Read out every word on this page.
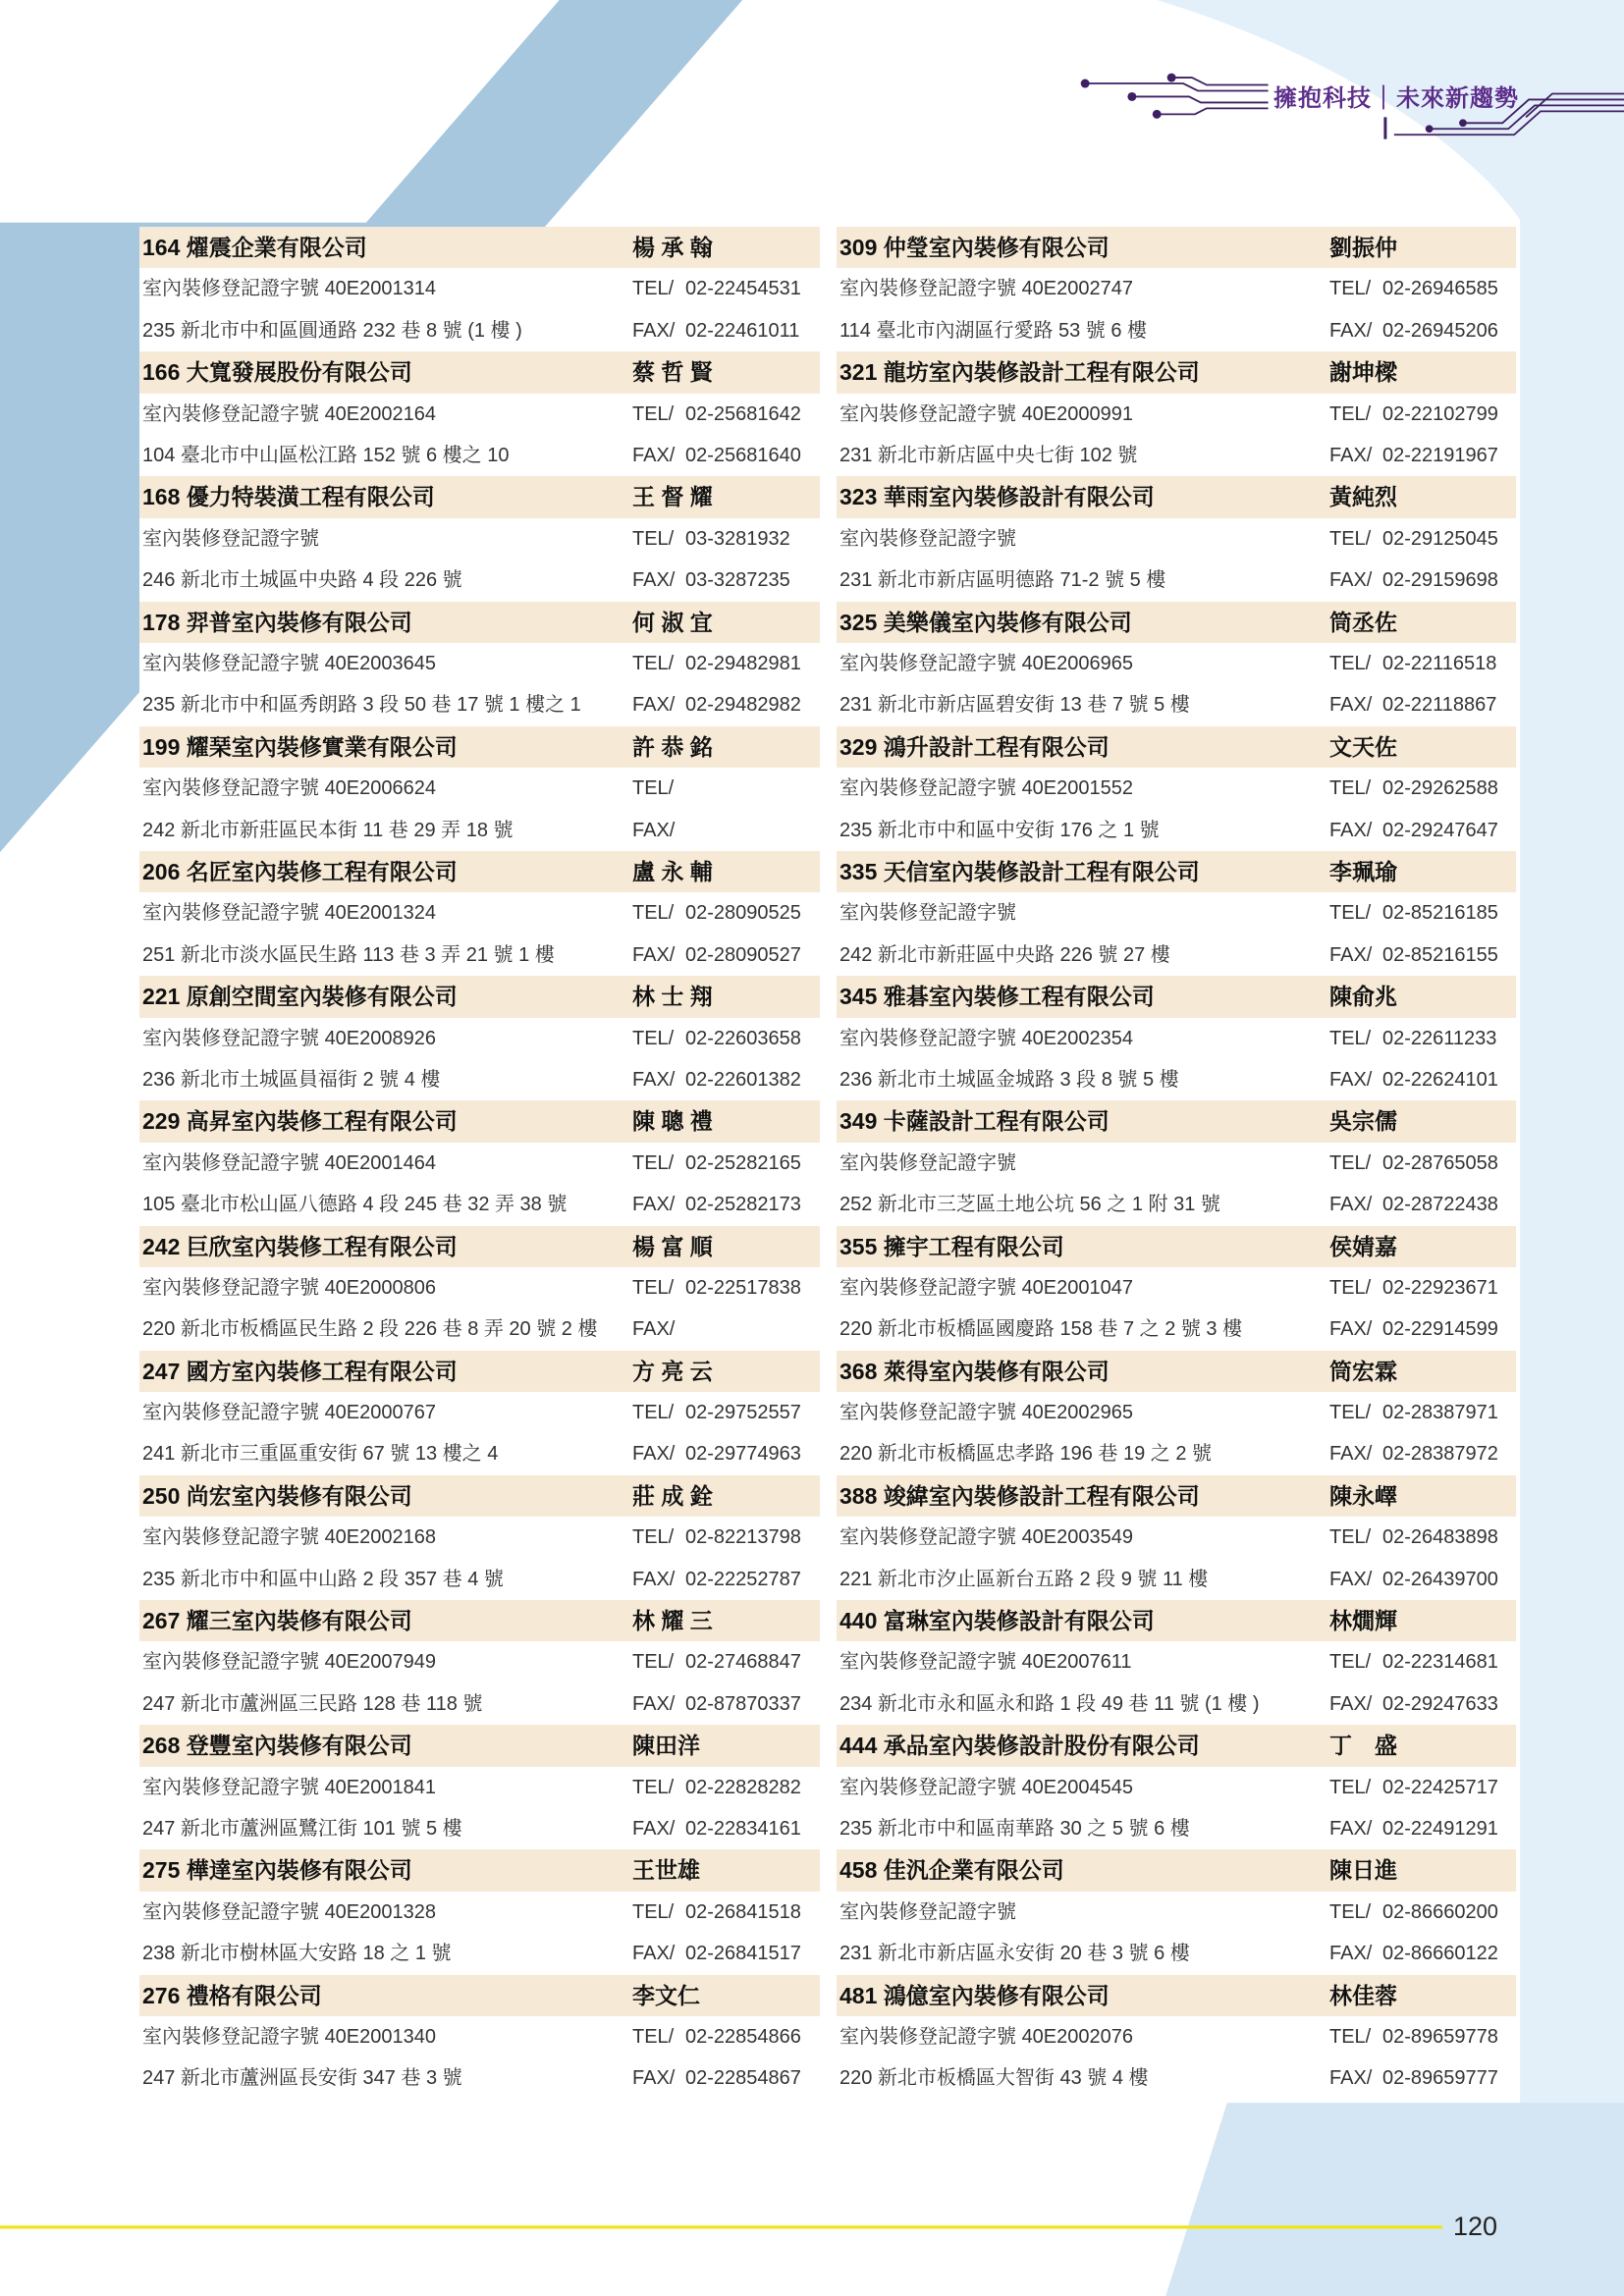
擁抱科技｜未來新趨勢
164 燿震企業有限公司	楊 承 翰
室內裝修登記證字號 40E2001314	TEL/ 02-22454531
235 新北市中和區圓通路 232 巷 8 號 (1 樓 )	FAX/ 02-22461011
166 大寬發展股份有限公司	蔡 哲 賢
室內裝修登記證字號 40E2002164	TEL/ 02-25681642
104 臺北市中山區松江路 152 號 6 樓之 10	FAX/ 02-25681640
168 優力特裝潢工程有限公司	王 督 耀
室內裝修登記證字號	TEL/ 03-3281932
246 新北市土城區中央路 4 段 226 號	FAX/ 03-3287235
178 羿普室內裝修有限公司	何 淑 宜
室內裝修登記證字號 40E2003645	TEL/ 02-29482981
235 新北市中和區秀朗路 3 段 50 巷 17 號 1 樓之 1	FAX/ 02-29482982
199 耀琹室內裝修實業有限公司	許 恭 銘
室內裝修登記證字號 40E2006624	TEL/
242 新北市新莊區民本街 11 巷 29 弄 18 號	FAX/
206 名匠室內裝修工程有限公司	盧 永 輔
室內裝修登記證字號 40E2001324	TEL/ 02-28090525
251 新北市淡水區民生路 113 巷 3 弄 21 號 1 樓	FAX/ 02-28090527
221 原創空間室內裝修有限公司	林 士 翔
室內裝修登記證字號 40E2008926	TEL/ 02-22603658
236 新北市土城區員福街 2 號 4 樓	FAX/ 02-22601382
229 高昇室內裝修工程有限公司	陳 聰 禮
室內裝修登記證字號 40E2001464	TEL/ 02-25282165
105 臺北市松山區八德路 4 段 245 巷 32 弄 38 號	FAX/ 02-25282173
242 巨欣室內裝修工程有限公司	楊 富 順
室內裝修登記證字號 40E2000806	TEL/ 02-22517838
220 新北市板橋區民生路 2 段 226 巷 8 弄 20 號 2 樓	FAX/
247 國方室內裝修工程有限公司	方 亮 云
室內裝修登記證字號 40E2000767	TEL/ 02-29752557
241 新北市三重區重安街 67 號 13 樓之 4	FAX/ 02-29774963
250 尚宏室內裝修有限公司	莊 成 銓
室內裝修登記證字號 40E2002168	TEL/ 02-82213798
235 新北市中和區中山路 2 段 357 巷 4 號	FAX/ 02-22252787
267 耀三室內裝修有限公司	林 耀 三
室內裝修登記證字號 40E2007949	TEL/ 02-27468847
247 新北市蘆洲區三民路 128 巷 118 號	FAX/ 02-87870337
268 登豐室內裝修有限公司	陳田洋
室內裝修登記證字號 40E2001841	TEL/ 02-22828282
247 新北市蘆洲區鷺江街 101 號 5 樓	FAX/ 02-22834161
275 樺達室內裝修有限公司	王世雄
室內裝修登記證字號 40E2001328	TEL/ 02-26841518
238 新北市樹林區大安路 18 之 1 號	FAX/ 02-26841517
276 禮格有限公司	李文仁
室內裝修登記證字號 40E2001340	TEL/ 02-22854866
247 新北市蘆洲區長安街 347 巷 3 號	FAX/ 02-22854867
309 仲瑩室內裝修有限公司	劉振仲
室內裝修登記證字號 40E2002747	TEL/ 02-26946585
114 臺北市內湖區行愛路 53 號 6 樓	FAX/ 02-26945206
321 龍坊室內裝修設計工程有限公司	謝坤樑
室內裝修登記證字號 40E2000991	TEL/ 02-22102799
231 新北市新店區中央七街 102 號	FAX/ 02-22191967
323 華雨室內裝修設計有限公司	黃純烈
室內裝修登記證字號	TEL/ 02-29125045
231 新北市新店區明德路 71-2 號 5 樓	FAX/ 02-29159698
325 美樂儀室內裝修有限公司	筒丞佐
室內裝修登記證字號 40E2006965	TEL/ 02-22116518
231 新北市新店區碧安街 13 巷 7 號 5 樓	FAX/ 02-22118867
329 鴻升設計工程有限公司	文天佐
室內裝修登記證字號 40E2001552	TEL/ 02-29262588
235 新北市中和區中安街 176 之 1 號	FAX/ 02-29247647
335 天信室內裝修設計工程有限公司	李珮瑜
室內裝修登記證字號	TEL/ 02-85216185
242 新北市新莊區中央路 226 號 27 樓	FAX/ 02-85216155
345 雅碁室內裝修工程有限公司	陳俞兆
室內裝修登記證字號 40E2002354	TEL/ 02-22611233
236 新北市土城區金城路 3 段 8 號 5 樓	FAX/ 02-22624101
349 卡薩設計工程有限公司	吳宗儒
室內裝修登記證字號	TEL/ 02-28765058
252 新北市三芝區土地公坑 56 之 1 附 31 號	FAX/ 02-28722438
355 擁宇工程有限公司	侯婧嘉
室內裝修登記證字號 40E2001047	TEL/ 02-22923671
220 新北市板橋區國慶路 158 巷 7 之 2 號 3 樓	FAX/ 02-22914599
368 萊得室內裝修有限公司	筒宏霖
室內裝修登記證字號 40E2002965	TEL/ 02-28387971
220 新北市板橋區忠孝路 196 巷 19 之 2 號	FAX/ 02-28387972
388 竣緯室內裝修設計工程有限公司	陳永嶧
室內裝修登記證字號 40E2003549	TEL/ 02-26483898
221 新北市汐止區新台五路 2 段 9 號 11 樓	FAX/ 02-26439700
440 富琳室內裝修設計有限公司	林燗輝
室內裝修登記證字號 40E2007611	TEL/ 02-22314681
234 新北市永和區永和路 1 段 49 巷 11 號 (1 樓 )	FAX/ 02-29247633
444 承品室內裝修設計股份有限公司	丁　盛
室內裝修登記證字號 40E2004545	TEL/ 02-22425717
235 新北市中和區南華路 30 之 5 號 6 樓	FAX/ 02-22491291
458 佳汎企業有限公司	陳日進
室內裝修登記證字號	TEL/ 02-86660200
231 新北市新店區永安街 20 巷 3 號 6 樓	FAX/ 02-86660122
481 鴻億室內裝修有限公司	林佳蓉
室內裝修登記證字號 40E2002076	TEL/ 02-89659778
220 新北市板橋區大智街 43 號 4 樓	FAX/ 02-89659777
120
